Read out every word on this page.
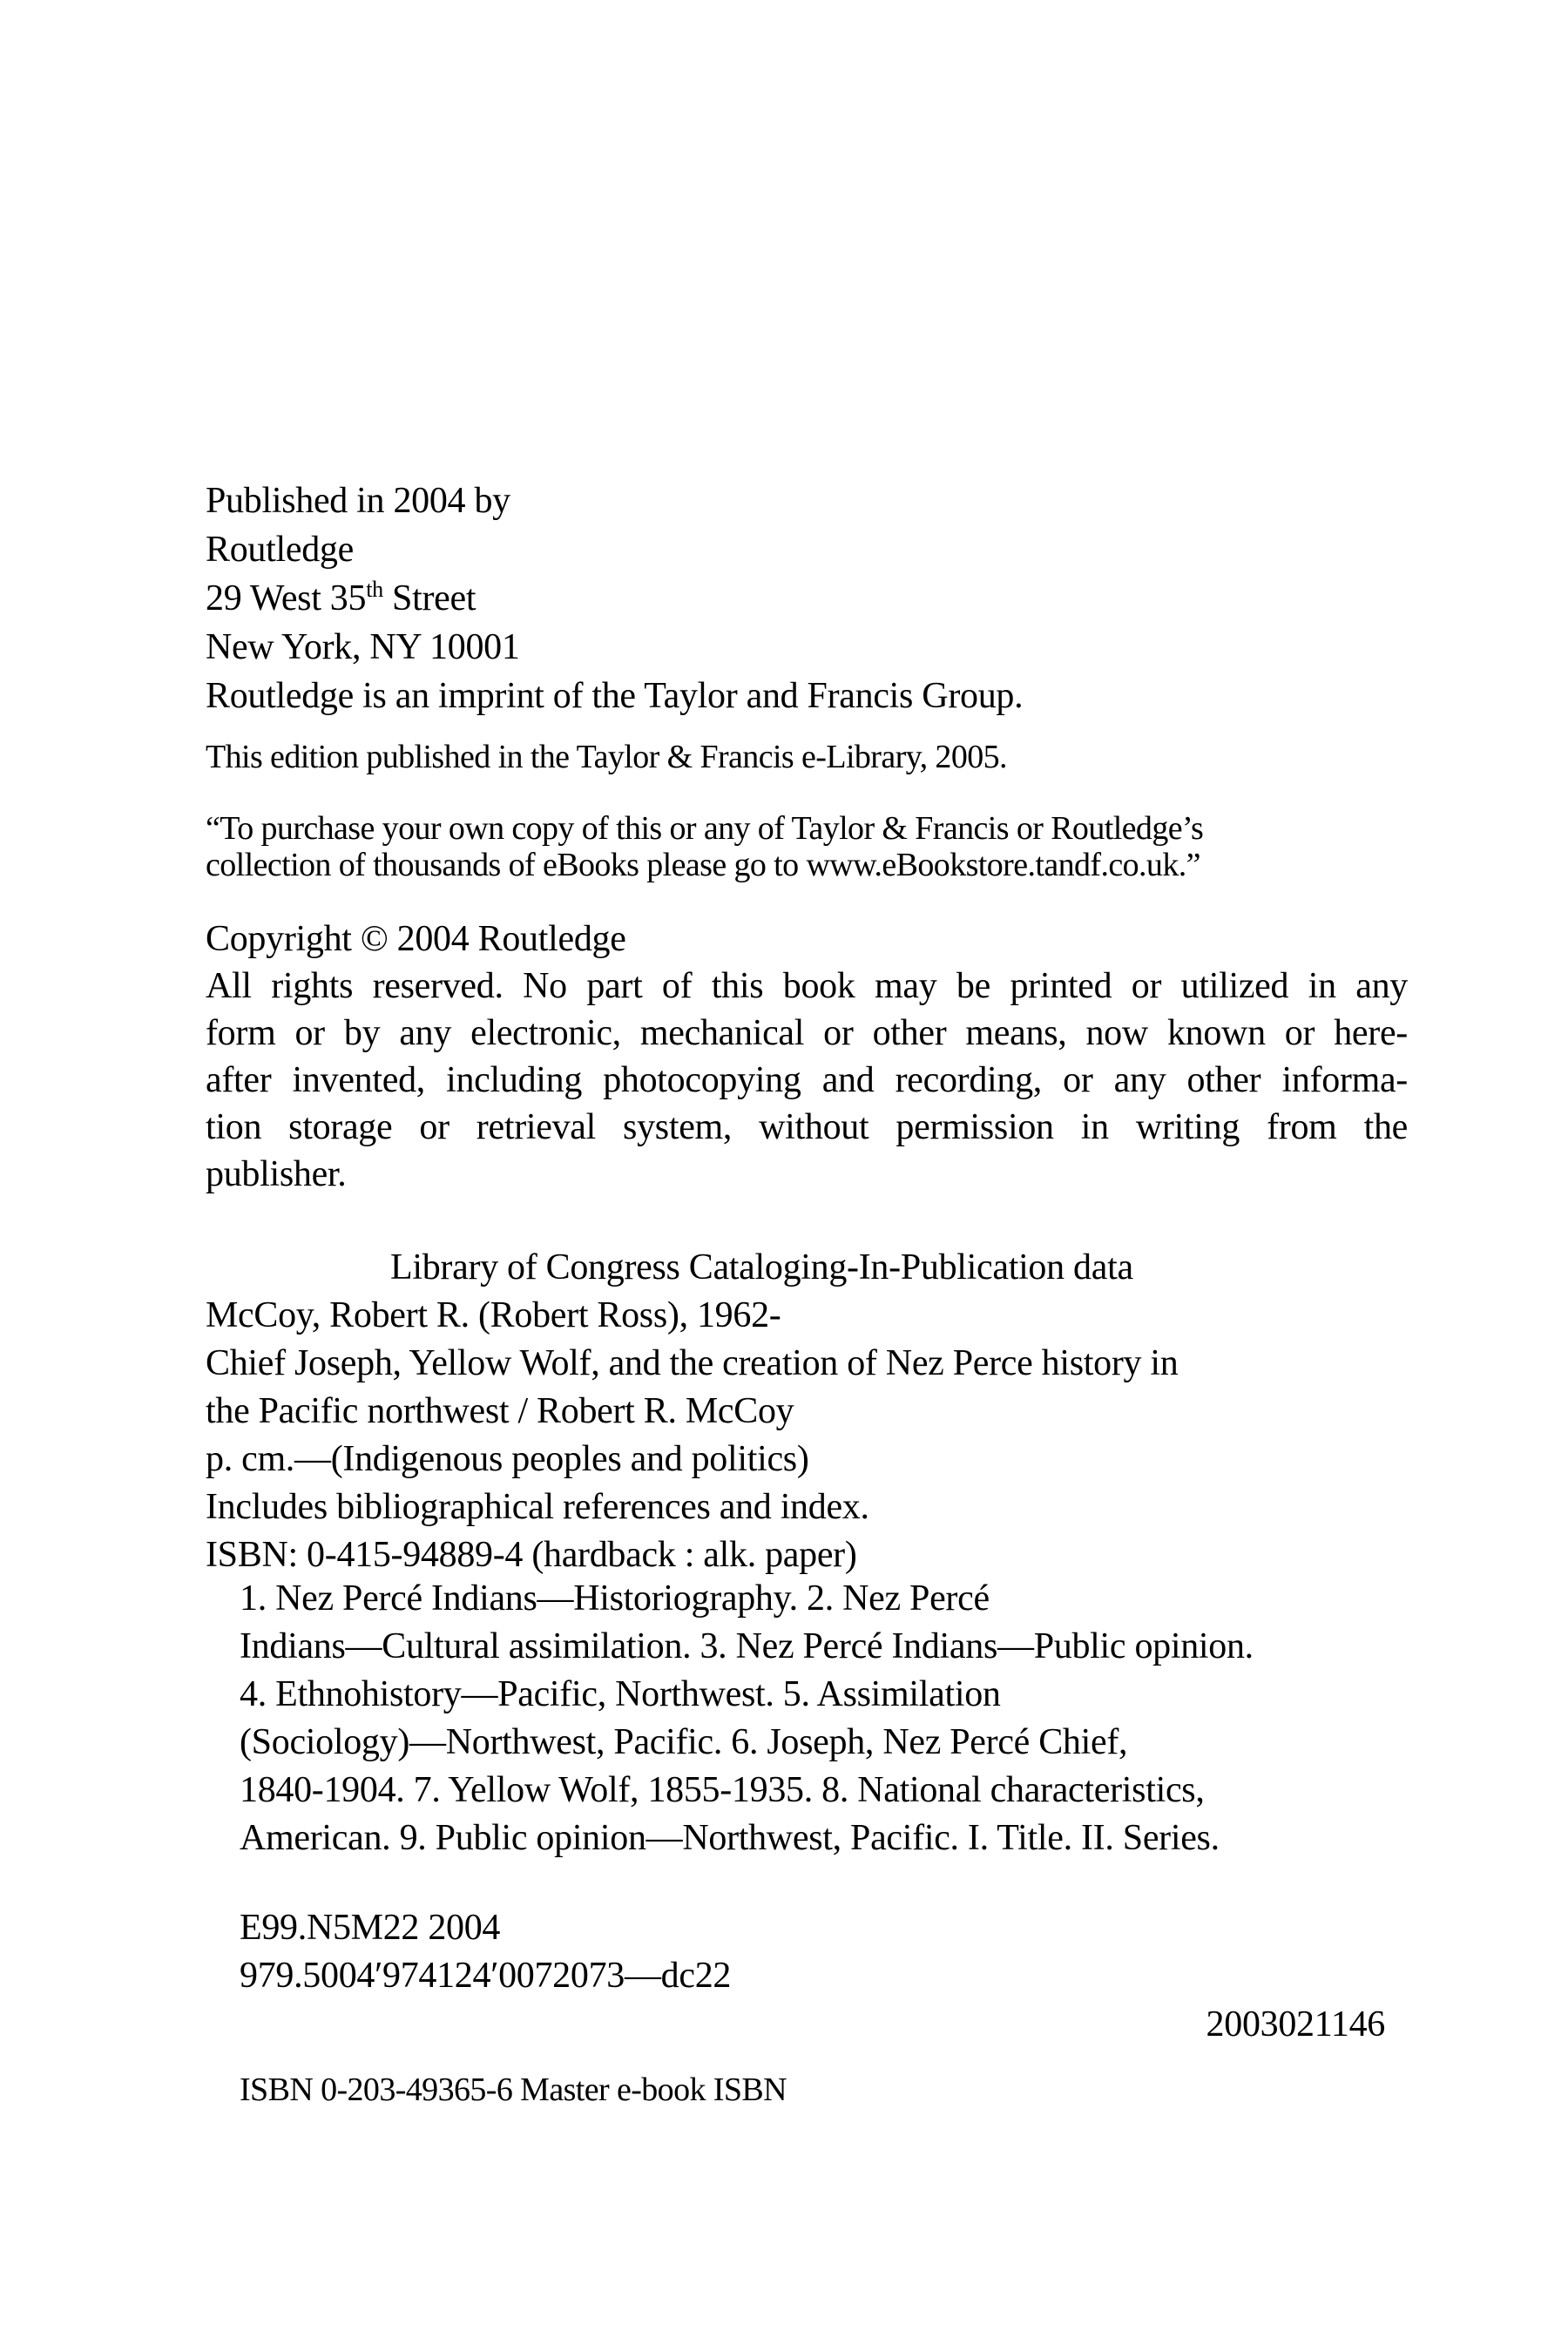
Published in 2004 by
Routledge
29 West 35th Street
New York, NY 10001
Routledge is an imprint of the Taylor and Francis Group.
This edition published in the Taylor & Francis e-Library, 2005.
“To purchase your own copy of this or any of Taylor & Francis or Routledge’s
collection of thousands of eBooks please go to www.eBookstore.tandf.co.uk.”
Copyright © 2004 Routledge
All rights reserved. No part of this book may be printed or utilized in any
form or by any electronic, mechanical or other means, now known or here-
after invented, including photocopying and recording, or any other informa-
tion storage or retrieval system, without permission in writing from the
publisher.
Library of Congress Cataloging-In-Publication data
McCoy, Robert R. (Robert Ross), 1962-
Chief Joseph, Yellow Wolf, and the creation of Nez Perce history in
the Pacific northwest / Robert R. McCoy
p. cm.—(Indigenous peoples and politics)
Includes bibliographical references and index.
ISBN: 0-415-94889-4 (hardback : alk. paper)
1. Nez Percé Indians—Historiography. 2. Nez Percé
Indians—Cultural assimilation. 3. Nez Percé Indians—Public opinion.
4. Ethnohistory—Pacific, Northwest. 5. Assimilation
(Sociology)—Northwest, Pacific. 6. Joseph, Nez Percé Chief,
1840-1904. 7. Yellow Wolf, 1855-1935. 8. National characteristics,
American. 9. Public opinion—Northwest, Pacific. I. Title. II. Series.
E99.N5M22 2004
979.5004′974124′0072073—dc22
2003021146
ISBN 0-203-49365-6 Master e-book ISBN
